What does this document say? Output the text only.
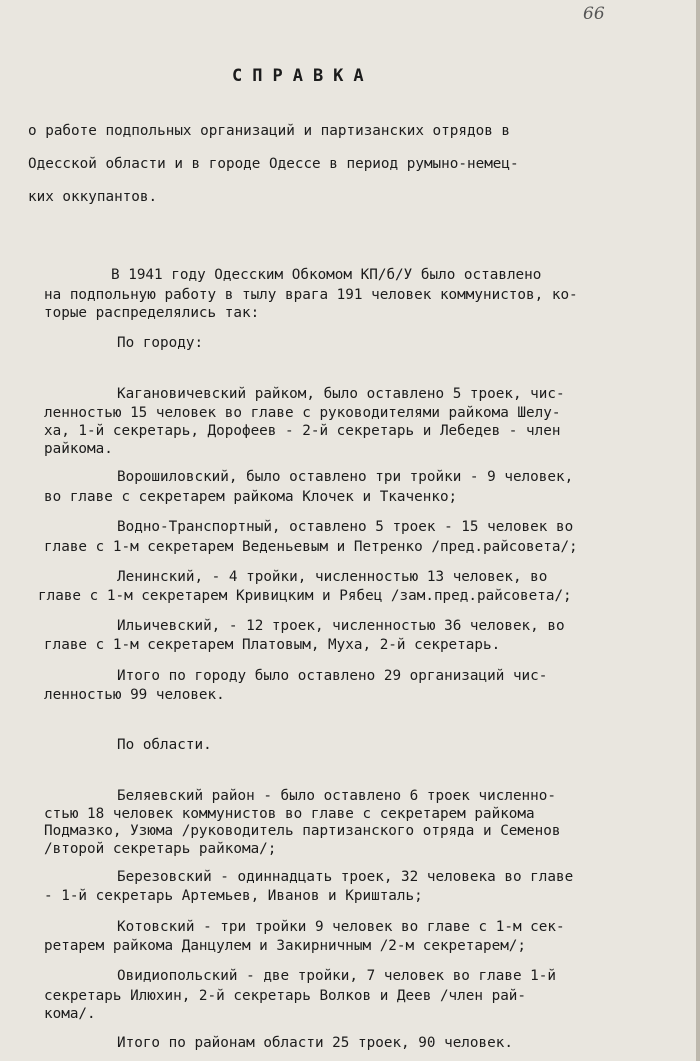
66
СПРАВКА
о работе подпольных организаций и партизанских отрядов в
Одесской области и в городе Одессе в период румыно-немец-
ких оккупантов.
В 1941 году Одесским Обкомом КП/б/У было оставлено
на подпольную работу в тылу врага 191 человек коммунистов, ко-
торые распределялись так:
По городу:
Кагановичевский райком, было оставлено 5 троек, чис-
ленностью 15 человек во главе с руководителями райкома Шелу-
ха, 1-й секретарь, Дорофеев - 2-й секретарь и Лебедев - член
райкома.
Ворошиловский, было оставлено три тройки - 9 человек,
во главе с секретарем райкома Клочек и Ткаченко;
Водно-Транспортный, оставлено 5 троек - 15 человек во
главе с 1-м секретарем Веденьевым и Петренко /пред.райсовета/;
Ленинский, - 4 тройки, численностью 13 человек, во
главе с 1-м секретарем Кривицким и Рябец /зам.пред.райсовета/;
Ильичевский, - 12 троек, численностью 36 человек, во
главе с 1-м секретарем Платовым, Муха, 2-й секретарь.
Итого по городу было оставлено 29 организаций чис-
ленностью 99 человек.
По области.
Беляевский район - было оставлено 6 троек численно-
стью 18 человек коммунистов во главе с секретарем райкома
Подмазко, Узюма /руководитель партизанского отряда и Семенов
/второй секретарь райкома/;
Березовский - одиннадцать троек, 32 человека во главе
- 1-й секретарь Артемьев, Иванов и Кришталь;
Котовский - три тройки 9 человек во главе с 1-м сек-
ретарем райкома Данцулем и Закирничным /2-м секретарем/;
Овидиопольский - две тройки, 7 человек во главе 1-й
секретарь Илюхин, 2-й секретарь Волков и Деев /член рай-
кома/.
Итого по районам области 25 троек, 90 человек.
